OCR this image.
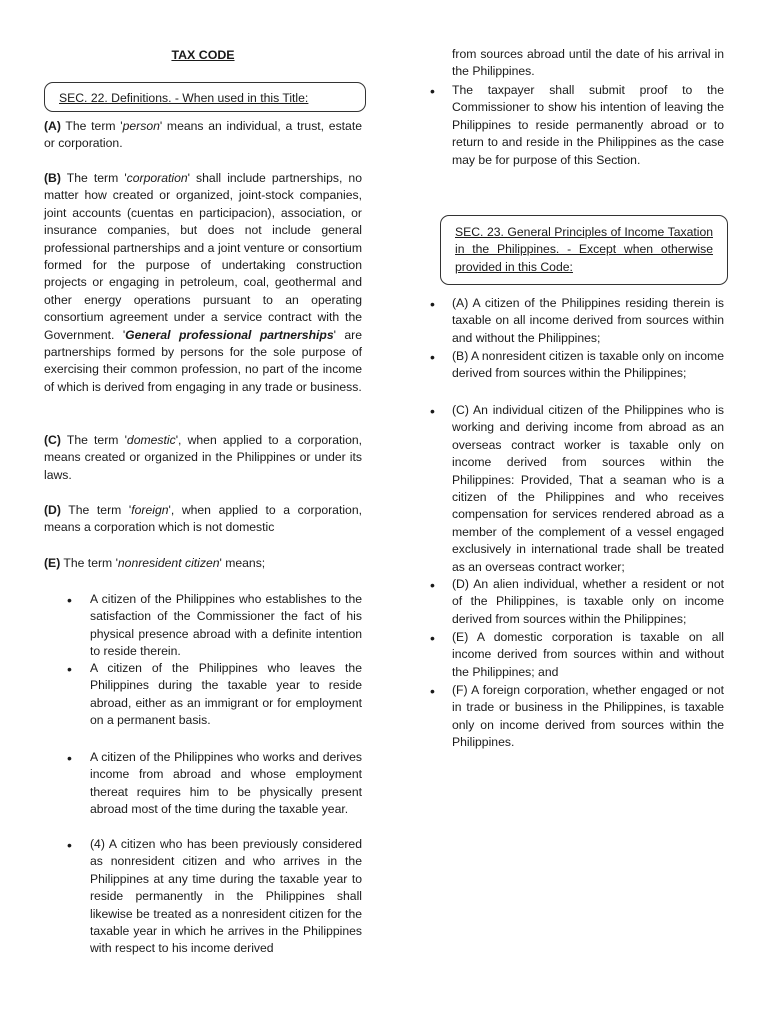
TAX CODE
SEC. 22. Definitions. - When used in this Title:

(A) The term 'person' means an individual, a trust, estate or corporation.

(B) The term 'corporation' shall include partnerships, no matter how created or organized, joint-stock companies, joint accounts (cuentas en participacion), association, or insurance companies, but does not include general professional partnerships and a joint venture or consortium formed for the purpose of undertaking construction projects or engaging in petroleum, coal, geothermal and other energy operations pursuant to an operating consortium agreement under a service contract with the Government. 'General professional partnerships' are partnerships formed by persons for the sole purpose of exercising their common profession, no part of the income of which is derived from engaging in any trade or business.

(C) The term 'domestic', when applied to a corporation, means created or organized in the Philippines or under its laws.

(D) The term 'foreign', when applied to a corporation, means a corporation which is not domestic

(E) The term 'nonresident citizen' means;

•

A citizen of the Philippines who establishes to the satisfaction of the Commissioner the fact of his physical presence abroad with a definite intention to reside therein.

•

A citizen of the Philippines who leaves the Philippines during the taxable year to reside abroad, either as an immigrant or for employment on a permanent basis.

•

A citizen of the Philippines who works and derives income from abroad and whose employment thereat requires him to be physically present abroad most of the time during the taxable year.

•

(4) A citizen who has been previously considered as nonresident citizen and who arrives in the Philippines at any time during the taxable year to reside permanently in the Philippines shall likewise be treated as a nonresident citizen for the taxable year in which he arrives in the Philippines with respect to his income derived

from sources abroad until the date of his arrival in the Philippines.

•

The taxpayer shall submit proof to the Commissioner to show his intention of leaving the Philippines to reside permanently abroad or to return to and reside in the Philippines as the case may be for purpose of this Section.

SEC. 23. General Principles of Income Taxation in the Philippines. - Except when otherwise provided in this Code:
•

(A) A citizen of the Philippines residing therein is taxable on all income derived from sources within and without the Philippines;

•

(B) A nonresident citizen is taxable only on income derived from sources within the Philippines;

•

(C) An individual citizen of the Philippines who is working and deriving income from abroad as an overseas contract worker is taxable only on income derived from sources within the Philippines: Provided, That a seaman who is a citizen of the Philippines and who receives compensation for services rendered abroad as a member of the complement of a vessel engaged exclusively in international trade shall be treated as an overseas contract worker;

•

(D) An alien individual, whether a resident or not of the Philippines, is taxable only on income derived from sources within the Philippines;

•

(E) A domestic corporation is taxable on all income derived from sources within and without the Philippines; and

•

(F) A foreign corporation, whether engaged or not in trade or business in the Philippines, is taxable only on income derived from sources within the Philippines.
